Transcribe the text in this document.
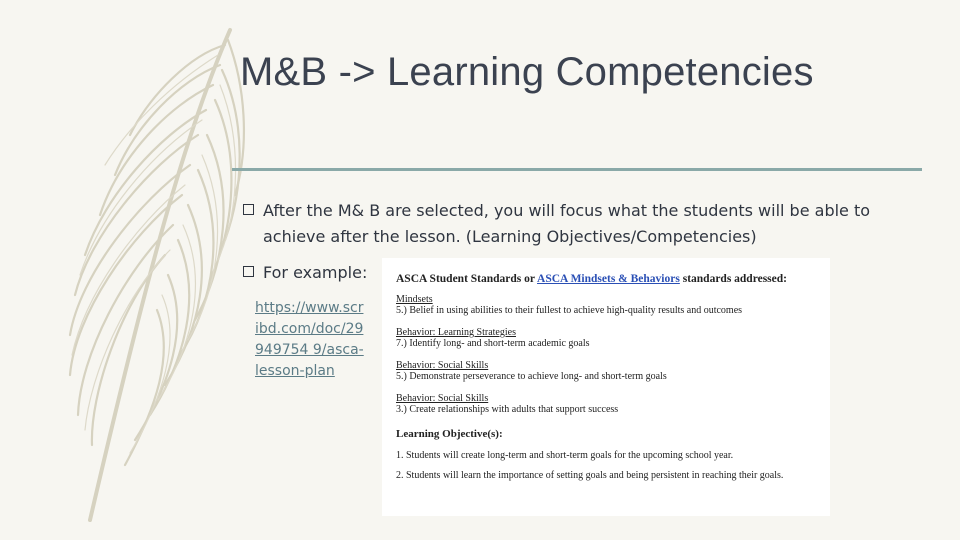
M&B -> Learning Competencies
After the M& B are selected, you will focus what the students will be able to achieve after the lesson. (Learning Objectives/Competencies)
For example:
https://www.scribd.com/doc/29949754 9/asca-lesson-plan
ASCA Student Standards or ASCA Mindsets & Behaviors standards addressed:
Mindsets
5.) Belief in using abilities to their fullest to achieve high-quality results and outcomes
Behavior: Learning Strategies
7.) Identify long- and short-term academic goals
Behavior: Social Skills
5.) Demonstrate perseverance to achieve long- and short-term goals
Behavior: Social Skills
3.) Create relationships with adults that support success
Learning Objective(s):
1. Students will create long-term and short-term goals for the upcoming school year.
2. Students will learn the importance of setting goals and being persistent in reaching their goals.
